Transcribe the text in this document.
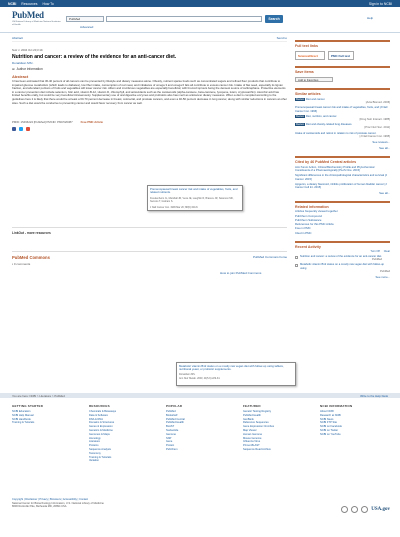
NCBI Resources How To	Sign in to NCBI
PubMed
US National Library of Medicine National Institutes of Health
PubMed	Search	Help
Advanced
Abstract	Send to
Nutr J. 2004 Oct 20;3:19.
Nutrition and cancer: a review of the evidence for an anti-cancer diet.
Donaldson MS¹.
⊞ Author information
Abstract
It has been estimated that 30-40 percent of all cancers can be prevented by lifestyle and dietary measures alone. Obesity, nutrient sparse foods such as concentrated sugars and refined flour products that contribute to impaired glucose metabolism (which leads to diabetes), low fiber intake, consumption of red meat, and imbalance of omega 3 and omega 6 fats all contribute to excess cancer risk. Intake of flax seed, especially its lignan fraction, and abundant portions of fruits and vegetables will lower cancer risk. Allium and cruciferous vegetables are especially beneficial, with broccoli sprouts being the densest source of sulforaphane. Protective elements in a cancer prevention diet include selenium, folic acid, vitamin B-12, vitamin D, chlorophyll, and antioxidants such as the carotenoids (alpha-carotene, beta-carotene, lycopene, lutein, cryptoxanthin). Ascorbic acid has limited benefits orally, but could be very beneficial intravenously. Supplementary use of oral digestive enzymes and probiotics also has merit as anticancer dietary measures. When a diet is compiled according to the guidelines here it is likely that there would be at least a 60-70 percent decrease in breast, colorectal, and prostate cancers, and even a 40-50 percent decrease in lung cancer, along with similar reductions in cancers at other sites. Such a diet would be conducive to preventing cancer and would favor recovery from cancer as well.
PMID: 15496224 [PubMed] PMCID: PMC526387	Free PMC Article
Premenopausal breast cancer risk and intake of vegetables, fruits, and related nutrients.
Freudenheim JL, Marshall JR, Vena JE, Laughlin R, Brasure JR, Swanson MK, Nemoto T, Graham S.
J Natl Cancer Inst. 1996 Mar 20; 88(6):340-8.
LinkOut - more resources
PubMed Commons	PubMed Commons home
▪ 0 comments
How to join PubMed Commons
Metabolic vitamin B12 status on a mostly raw vegan diet with follow-up using tablets, nutritional yeast, or probiotic supplements.
Donaldson MS.
Ann Nutr Metab. 2000; 44(5-6):229-34.
Full text links
ScienceDirect	PMC Full text
Save items
Add to Favorites
Similar articles
Review Diet and cancer.
[Acta Biomed. 2006]
Premenopausal breast cancer risk and intake of vegetables, fruits, and [J Natl Cancer Inst. 1996]
Review Diet, nutrition, and cancer.
[Drug Nutr Interact. 1985]
Review Diet and obesity-related lung diseases.
[Proc Nutr Soc. 2011]
Intake of carotenoids and retinol in relation to risk of prostate cancer.
[J Natl Cancer Inst. 1995]
See reviews...
See all...
Cited by 46 PubMed Central articles
Anti-Tumor Action, Clinical Biochemistry Profile and Phytochemical Constituents of a Pharmacologically [PLoS One. 2015]
Significant differences in the clinicopathological characteristics and survival [J Cancer. 2015]
Apigenin, a dietary flavonoid, inhibits proliferation of human bladder cancer [J Cancer Cell Int. 2015]
See all...
Related information
Articles frequently viewed together
PubChem Compound
PubChem Substance
References for this PMC Article
Free in PMC
Cited in PMC
Recent Activity
Turn Off Clear
Nutrition and cancer: a review of the evidence for an anti-cancer diet.
PubMed
Metabolic vitamin B12 status on a mostly raw vegan diet with follow-up using
PubMed
See more...
You are here: NCBI > Literature > PubMed	Write to the Help Desk
GETTING STARTED
NCBI Education
NCBI Help Manual
NCBI Handbook
Training & Tutorials
RESOURCES
Chemicals & Bioassays
Data & Software
DNA & RNA
Domains & Structures
Genes & Expression
Genetics & Medicine
Genomes & Maps
Homology
Literature
Proteins
Sequence Analysis
Taxonomy
Training & Tutorials
Variation
POPULAR
PubMed
Bookshelf
PubMed Central
PubMed Health
BLAST
Nucleotide
Genome
SNP
Gene
Protein
PubChem
FEATURED
Genetic Testing Registry
PubMed Health
GenBank
Reference Sequences
Gene Expression Omnibus
Map Viewer
Human Genome
Mouse Genome
Influenza Virus
Primer-BLAST
Sequence Read Archive
NCBI INFORMATION
About NCBI
Research at NCBI
NCBI News
NCBI FTP Site
NCBI on Facebook
NCBI on Twitter
NCBI on YouTube
Copyright | Disclaimer | Privacy | Browsers | Accessibility | Contact
National Center for Biotechnology Information, U.S. National Library of Medicine
8600 Rockville Pike, Bethesda MD, 20894 USA
USA.gov
